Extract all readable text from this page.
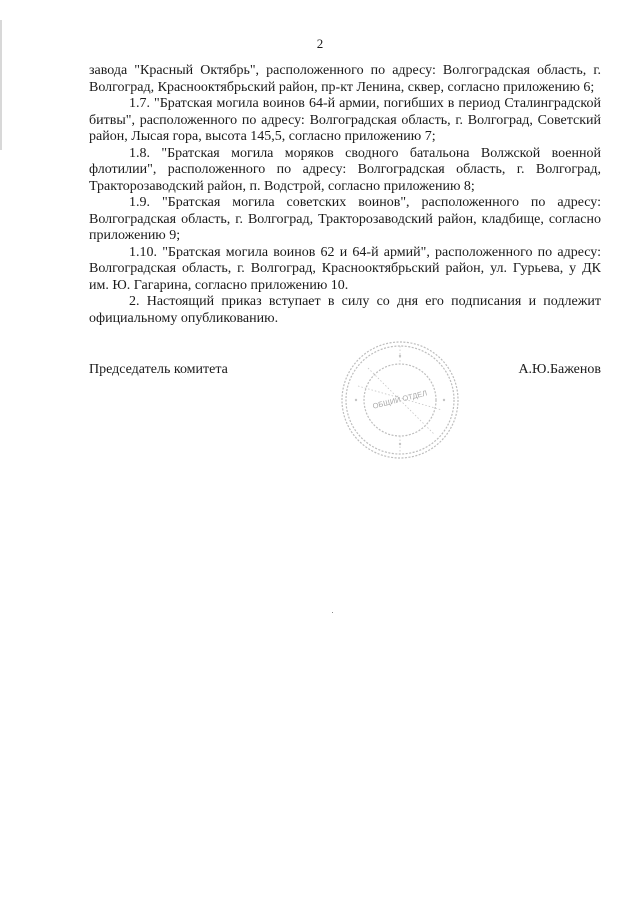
2

завода "Красный Октябрь", расположенного по адресу: Волгоградская область, г. Волгоград, Краснооктябрьский район, пр-кт Ленина, сквер, согласно приложению 6;

1.7. "Братская могила воинов 64-й армии, погибших в период Сталинградской битвы", расположенного по адресу: Волгоградская область, г. Волгоград, Советский район, Лысая гора, высота 145,5, согласно приложению 7;

1.8. "Братская могила моряков сводного батальона Волжской военной флотилии", расположенного по адресу: Волгоградская область, г. Волгоград, Тракторозаводский район, п. Водстрой, согласно приложению 8;

1.9. "Братская могила советских воинов", расположенного по адресу: Волгоградская область, г. Волгоград, Тракторозаводский район, кладбище, согласно приложению 9;

1.10. "Братская могила воинов 62 и 64-й армий", расположенного по адресу: Волгоградская область, г. Волгоград, Краснооктябрьский район, ул. Гурьева, у ДК им. Ю. Гагарина, согласно приложению 10.

2. Настоящий приказ вступает в силу со дня его подписания и подлежит официальному опубликованию.

Председатель комитета	А.Ю.Баженов
ОБЩИЙ ОТДЕЛ
